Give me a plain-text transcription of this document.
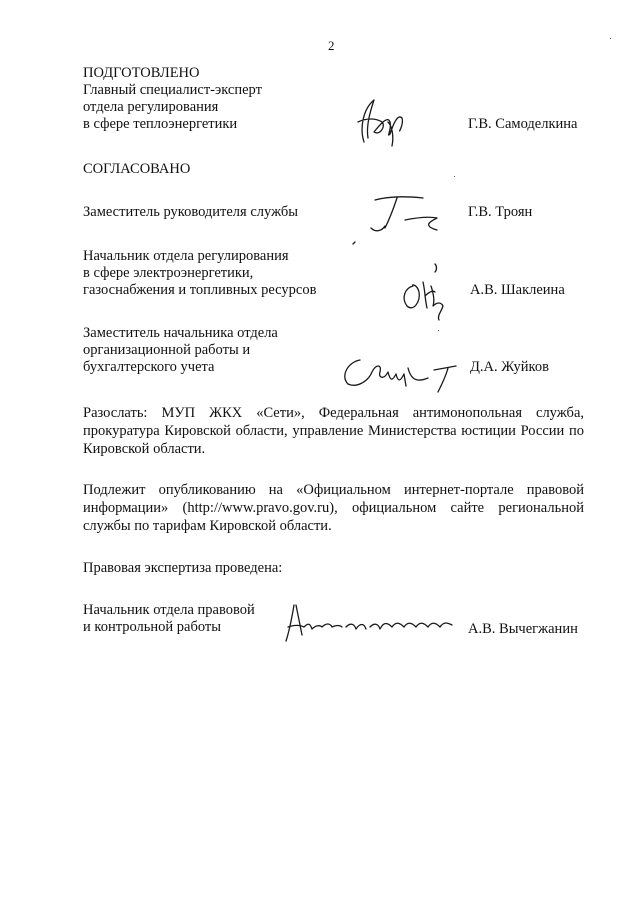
2
ПОДГОТОВЛЕНО
Главный специалист-эксперт
отдела регулирования
в сфере теплоэнергетики	Г.В. Самоделкина
СОГЛАСОВАНО
Заместитель руководителя службы	Г.В. Троян
Начальник отдела регулирования
в сфере электроэнергетики,
газоснабжения и топливных ресурсов	А.В. Шаклеина
Заместитель начальника отдела
организационной работы и
бухгалтерского учета	Д.А. Жуйков
Разослать: МУП ЖКХ «Сети», Федеральная антимонопольная служба, прокуратура Кировской области, управление Министерства юстиции России по Кировской области.
Подлежит опубликованию на «Официальном интернет-портале правовой информации» (http://www.pravo.gov.ru), официальном сайте региональной службы по тарифам Кировской области.
Правовая экспертиза проведена:
Начальник отдела правовой
и контрольной работы	А.В. Вычегжанин
